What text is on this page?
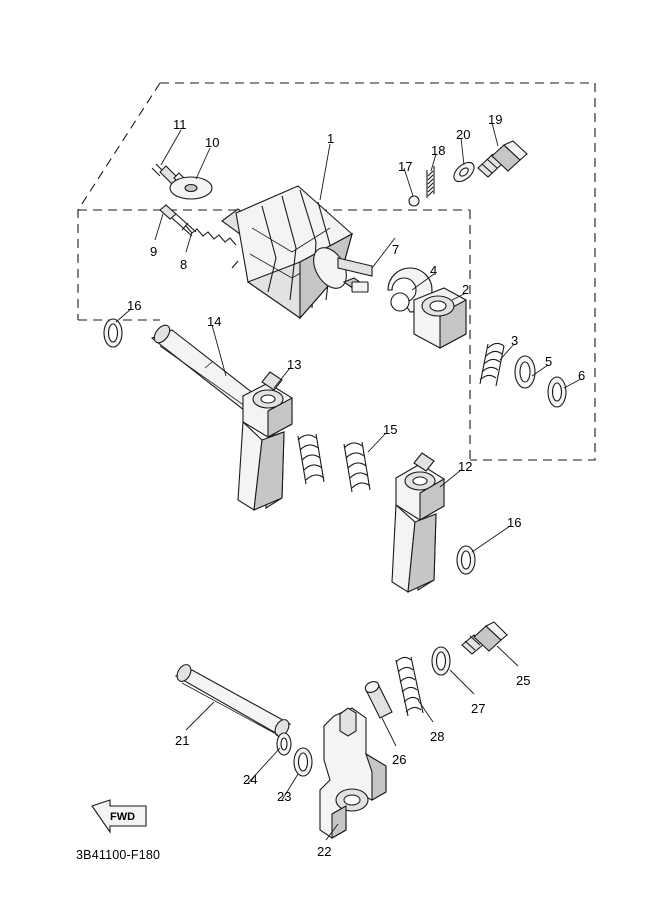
1
2
3
4
5
6
7
8
9
10
11
12
13
14
15
16
16
17
18
19
20
21
22
23
24
25
26
27
28
FWD
3B41100-F180
